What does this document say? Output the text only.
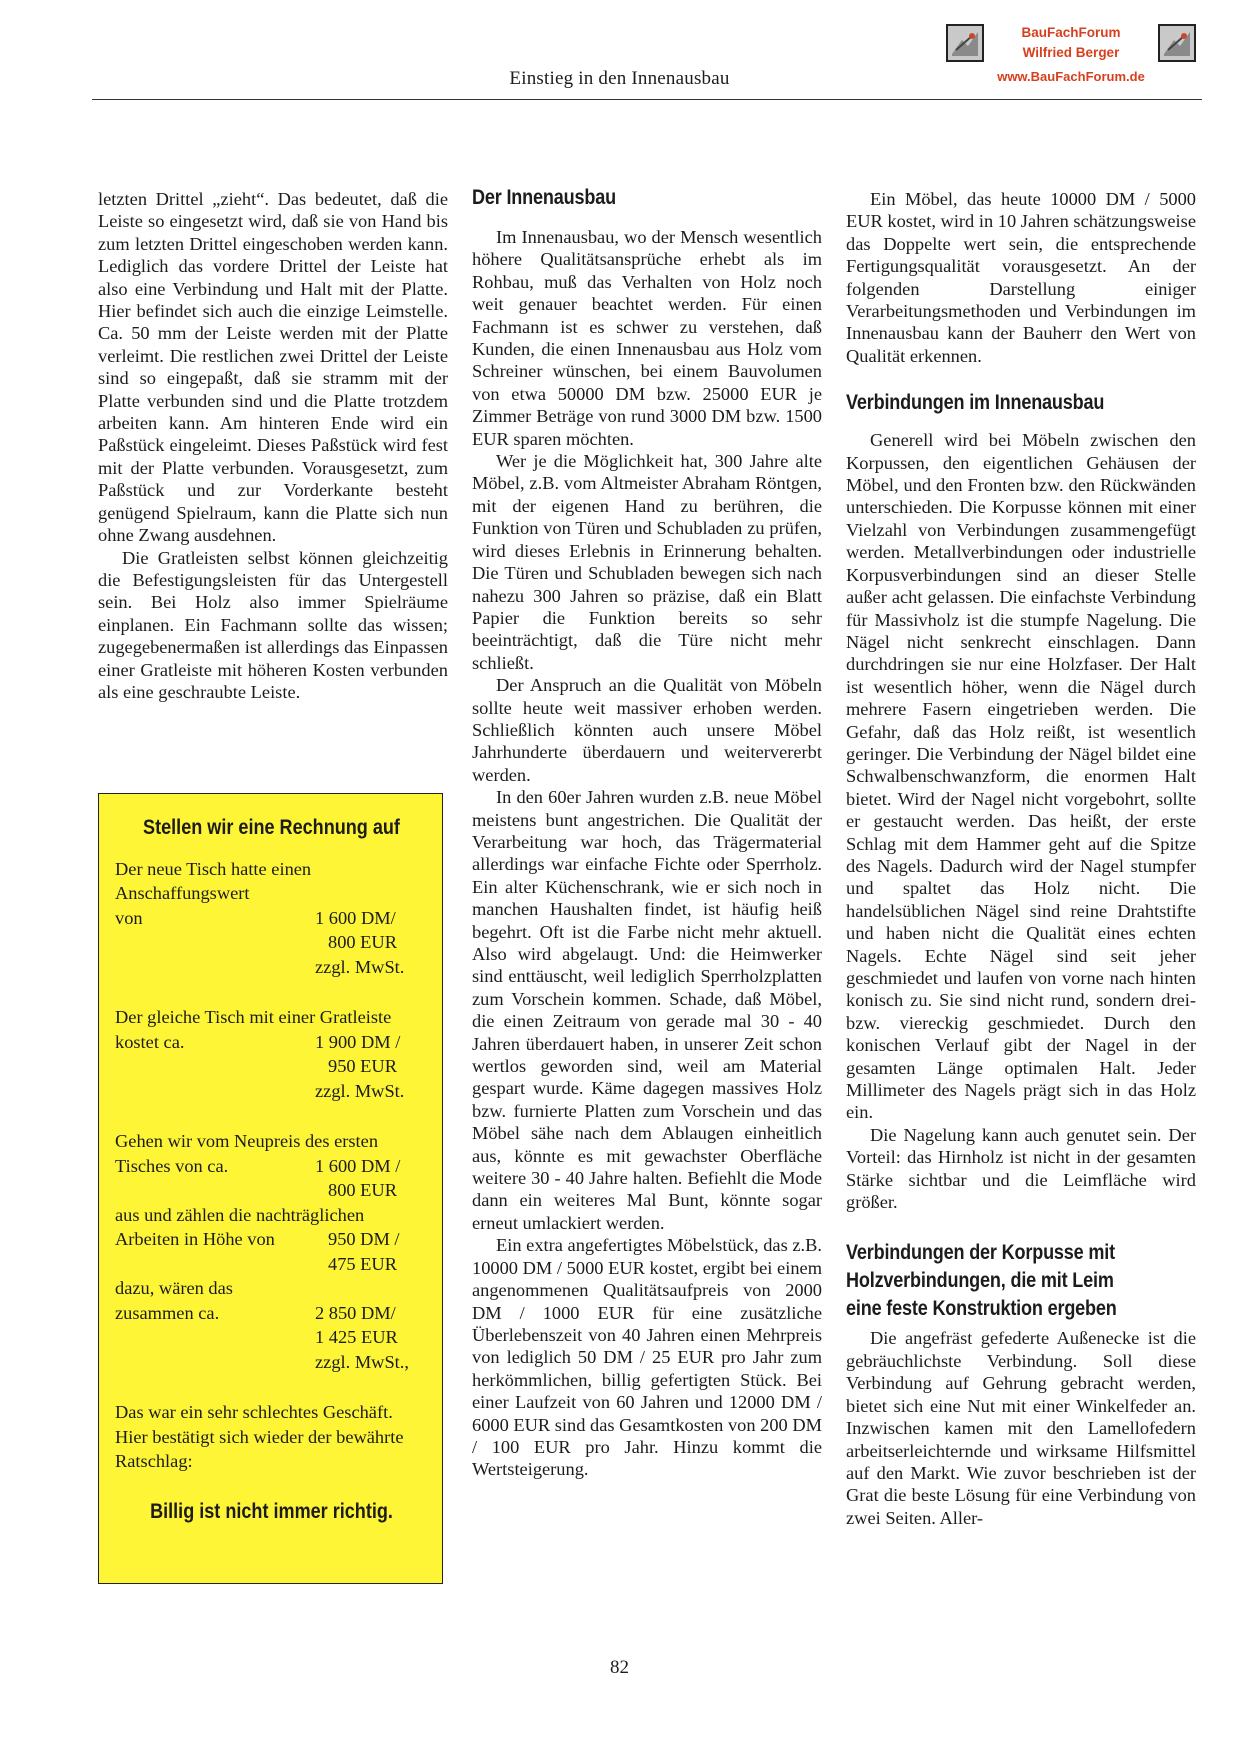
Einstieg in den Innenausbau
BauFachForum
Wilfried Berger
www.BauFachForum.de

letzten Drittel „zieht“. Das bedeutet, daß die Leiste so eingesetzt wird, daß sie von Hand bis zum letzten Drittel eingeschoben werden kann. Lediglich das vordere Drittel der Leiste hat also eine Verbindung und Halt mit der Platte. Hier befindet sich auch die einzige Leimstelle. Ca. 50 mm der Leiste werden mit der Platte verleimt. Die restlichen zwei Drittel der Leiste sind so eingepaßt, daß sie stramm mit der Platte verbunden sind und die Platte trotzdem arbeiten kann. Am hinteren Ende wird ein Paßstück eingeleimt. Dieses Paßstück wird fest mit der Platte verbunden. Vorausgesetzt, zum Paßstück und zur Vorderkante besteht genügend Spielraum, kann die Platte sich nun ohne Zwang ausdehnen.

Die Gratleisten selbst können gleichzeitig die Befestigungsleisten für das Untergestell sein. Bei Holz also immer Spielräume einplanen. Ein Fachmann sollte das wissen; zugegebenermaßen ist allerdings das Einpassen einer Gratleiste mit höheren Kosten verbunden als eine geschraubte Leiste.

Stellen wir eine Rechnung auf
Der neue Tisch hatte einen
Anschaffungswert
von	1 600 DM/
800 EUR

zzgl. MwSt.

Der gleiche Tisch mit einer Gratleiste
kostet ca.	1 900 DM /
950 EUR

zzgl. MwSt.

Gehen wir vom Neupreis des ersten
Tisches von ca.	1 600 DM /
800 EUR

aus und zählen die nachträglichen
Arbeiten in Höhe von	950 DM /
475 EUR

dazu, wären das
zusammen ca.	2 850 DM/
1 425 EUR

zzgl. MwSt.,

Das war ein sehr schlechtes Geschäft. Hier bestätigt sich wieder der bewährte Ratschlag:
Billig ist nicht immer richtig.
Der Innenausbau

Im Innenausbau, wo der Mensch wesentlich höhere Qualitätsansprüche erhebt als im Rohbau, muß das Verhalten von Holz noch weit genauer beachtet werden. Für einen Fachmann ist es schwer zu verstehen, daß Kunden, die einen Innenausbau aus Holz vom Schreiner wünschen, bei einem Bauvolumen von etwa 50000 DM bzw. 25000 EUR je Zimmer Beträge von rund 3000 DM bzw. 1500 EUR sparen möchten.

Wer je die Möglichkeit hat, 300 Jahre alte Möbel, z.B. vom Altmeister Abraham Röntgen, mit der eigenen Hand zu berühren, die Funktion von Türen und Schubladen zu prüfen, wird dieses Erlebnis in Erinnerung behalten. Die Türen und Schubladen bewegen sich nach nahezu 300 Jahren so präzise, daß ein Blatt Papier die Funktion bereits so sehr beeinträchtigt, daß die Türe nicht mehr schließt.

Der Anspruch an die Qualität von Möbeln sollte heute weit massiver erhoben werden. Schließlich könnten auch unsere Möbel Jahrhunderte überdauern und weitervererbt werden.

In den 60er Jahren wurden z.B. neue Möbel meistens bunt angestrichen. Die Qualität der Verarbeitung war hoch, das Trägermaterial allerdings war einfache Fichte oder Sperrholz. Ein alter Küchenschrank, wie er sich noch in manchen Haushalten findet, ist häufig heiß begehrt. Oft ist die Farbe nicht mehr aktuell. Also wird abgelaugt. Und: die Heimwerker sind enttäuscht, weil lediglich Sperrholzplatten zum Vorschein kommen. Schade, daß Möbel, die einen Zeitraum von gerade mal 30 - 40 Jahren überdauert haben, in unserer Zeit schon wertlos geworden sind, weil am Material gespart wurde. Käme dagegen massives Holz bzw. furnierte Platten zum Vorschein und das Möbel sähe nach dem Ablaugen einheitlich aus, könnte es mit gewachster Oberfläche weitere 30 - 40 Jahre halten. Befiehlt die Mode dann ein weiteres Mal Bunt, könnte sogar erneut umlackiert werden.

Ein extra angefertigtes Möbelstück, das z.B. 10000 DM / 5000 EUR kostet, ergibt bei einem angenommenen Qualitätsaufpreis von 2000 DM / 1000 EUR für eine zusätzliche Überlebenszeit von 40 Jahren einen Mehrpreis von lediglich 50 DM / 25 EUR pro Jahr zum herkömmlichen, billig gefertigten Stück. Bei einer Laufzeit von 60 Jahren und 12000 DM / 6000 EUR sind das Gesamtkosten von 200 DM / 100 EUR pro Jahr. Hinzu kommt die Wertsteigerung.

Ein Möbel, das heute 10000 DM / 5000 EUR kostet, wird in 10 Jahren schätzungsweise das Doppelte wert sein, die entsprechende Fertigungsqualität vorausgesetzt. An der folgenden Darstellung einiger Verarbeitungsmethoden und Verbindungen im Innenausbau kann der Bauherr den Wert von Qualität erkennen.

Verbindungen im Innenausbau

Generell wird bei Möbeln zwischen den Korpussen, den eigentlichen Gehäusen der Möbel, und den Fronten bzw. den Rückwänden unterschieden. Die Korpusse können mit einer Vielzahl von Verbindungen zusammengefügt werden. Metallverbindungen oder industrielle Korpusverbindungen sind an dieser Stelle außer acht gelassen. Die einfachste Verbindung für Massivholz ist die stumpfe Nagelung. Die Nägel nicht senkrecht einschlagen. Dann durchdringen sie nur eine Holzfaser. Der Halt ist wesentlich höher, wenn die Nägel durch mehrere Fasern eingetrieben werden. Die Gefahr, daß das Holz reißt, ist wesentlich geringer. Die Verbindung der Nägel bildet eine Schwalbenschwanzform, die enormen Halt bietet. Wird der Nagel nicht vorgebohrt, sollte er gestaucht werden. Das heißt, der erste Schlag mit dem Hammer geht auf die Spitze des Nagels. Dadurch wird der Nagel stumpfer und spaltet das Holz nicht. Die handelsüblichen Nägel sind reine Drahtstifte und haben nicht die Qualität eines echten Nagels. Echte Nägel sind seit jeher geschmiedet und laufen von vorne nach hinten konisch zu. Sie sind nicht rund, sondern drei- bzw. viereckig geschmiedet. Durch den konischen Verlauf gibt der Nagel in der gesamten Länge optimalen Halt. Jeder Millimeter des Nagels prägt sich in das Holz ein.

Die Nagelung kann auch genutet sein. Der Vorteil: das Hirnholz ist nicht in der gesamten Stärke sichtbar und die Leimfläche wird größer.

Verbindungen der Korpusse mit
Holzverbindungen, die mit Leim
eine feste Konstruktion ergeben

Die angefräst gefederte Außenecke ist die gebräuchlichste Verbindung. Soll diese Verbindung auf Gehrung gebracht werden, bietet sich eine Nut mit einer Winkelfeder an. Inzwischen kamen mit den Lamellofedern arbeitserleichternde und wirksame Hilfsmittel auf den Markt. Wie zuvor beschrieben ist der Grat die beste Lösung für eine Verbindung von zwei Seiten. Aller-

82
